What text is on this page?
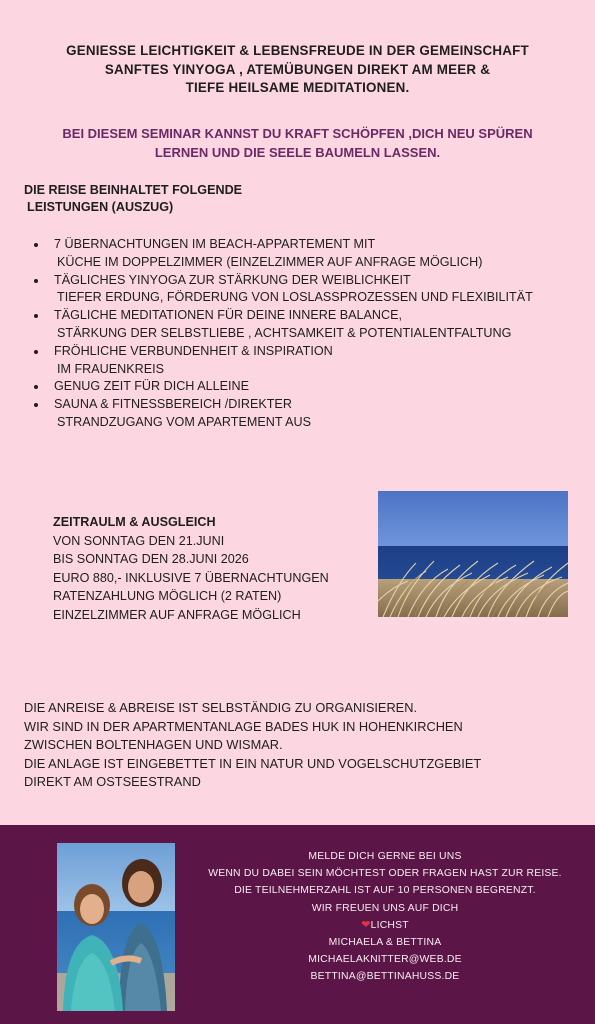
GENIESSE LEICHTIGKEIT & LEBENSFREUDE IN DER GEMEINSCHAFT
SANFTES YINYOGA , ATEMÜBUNGEN DIREKT AM MEER &
TIEFE HEILSAME MEDITATIONEN.
BEI DIESEM SEMINAR KANNST DU KRAFT SCHÖPFEN ,DICH NEU SPÜREN
LERNEN UND DIE SEELE BAUMELN LASSEN.
DIE REISE BEINHALTET FOLGENDE
LEISTUNGEN (AUSZUG)
7 ÜBERNACHTUNGEN IM BEACH-APPARTEMENT MIT
KÜCHE IM DOPPELZIMMER (EINZELZIMMER AUF ANFRAGE MÖGLICH)
TÄGLICHES YINYOGA ZUR STÄRKUNG DER WEIBLICHKEIT
TIEFER ERDUNG, FÖRDERUNG VON LOSLASSPROZESSEN UND FLEXIBILITÄT
TÄGLICHE MEDITATIONEN FÜR DEINE INNERE BALANCE,
STÄRKUNG DER SELBSTLIEBE , ACHTSAMKEIT & POTENTIALENTFALTUNG
FRÖHLICHE VERBUNDENHEIT & INSPIRATION
IM FRAUENKREIS
GENUG ZEIT FÜR DICH ALLEINE
SAUNA & FITNESSBEREICH /DIREKTER
STRANDZUGANG VOM APARTEMENT AUS
ZEITRAULM & AUSGLEICH
VON SONNTAG DEN 21.JUNI
BIS SONNTAG DEN 28.JUNI 2026
EURO 880,- INKLUSIVE 7 ÜBERNACHTUNGEN
RATENZAHLUNG MÖGLICH (2 RATEN)
EINZELZIMMER AUF ANFRAGE MÖGLICH
DIE ANREISE & ABREISE IST SELBSTÄNDIG ZU ORGANISIEREN.
WIR SIND IN DER APARTMENTANLAGE BADES HUK IN HOHENKIRCHEN
ZWISCHEN BOLTENHAGEN UND WISMAR.
DIE ANLAGE IST EINGEBETTET IN EIN NATUR UND VOGELSCHUTZGEBIET
DIREKT AM OSTSEESTRAND
MELDE DICH GERNE BEI UNS
WENN DU DABEI SEIN MÖCHTEST ODER FRAGEN HAST ZUR REISE.
DIE TEILNEHMERZAHL IST AUF 10 PERSONEN BEGRENZT.
WIR FREUEN UNS AUF DICH
❤LICHST
MICHAELA & BETTINA
MICHAELAKNITTER@WEB.DE
BETTINA@BETTINAHUSS.DE
